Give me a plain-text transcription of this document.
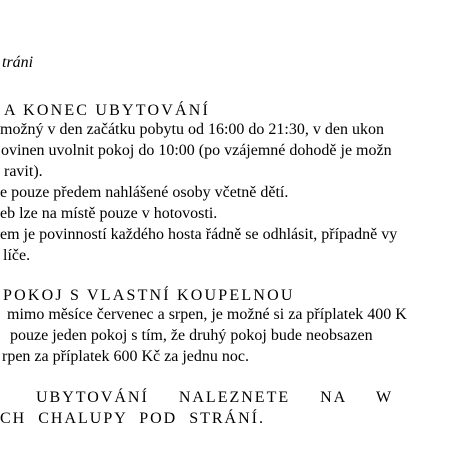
tráni
A KONEC UBYTOVÁNÍ
možný v den začátku pobytu od 16:00 do 21:30, v den ukon
ovinen uvolnit pokoj do 10:00 (po vzájemné dohodě je možn
ravit).
e pouze předem nahlášené osoby včetně dětí.
eb lze na místě pouze v hotovosti.
em je povinností každého hosta řádně se odhlásit, případně vy
líče.
POKOJ S VLASTNÍ KOUPELNOU
mimo měsíce červenec a srpen, je možné si za příplatek 400 K
pouze jeden pokoj s tím, že druhý pokoj bude neobsazen
rpen za příplatek 600 Kč za jednu noc.
UBYTOVÁNÍ     NALEZNETE     NA     W
CH  CHALUPY  POD  STRÁNÍ.
